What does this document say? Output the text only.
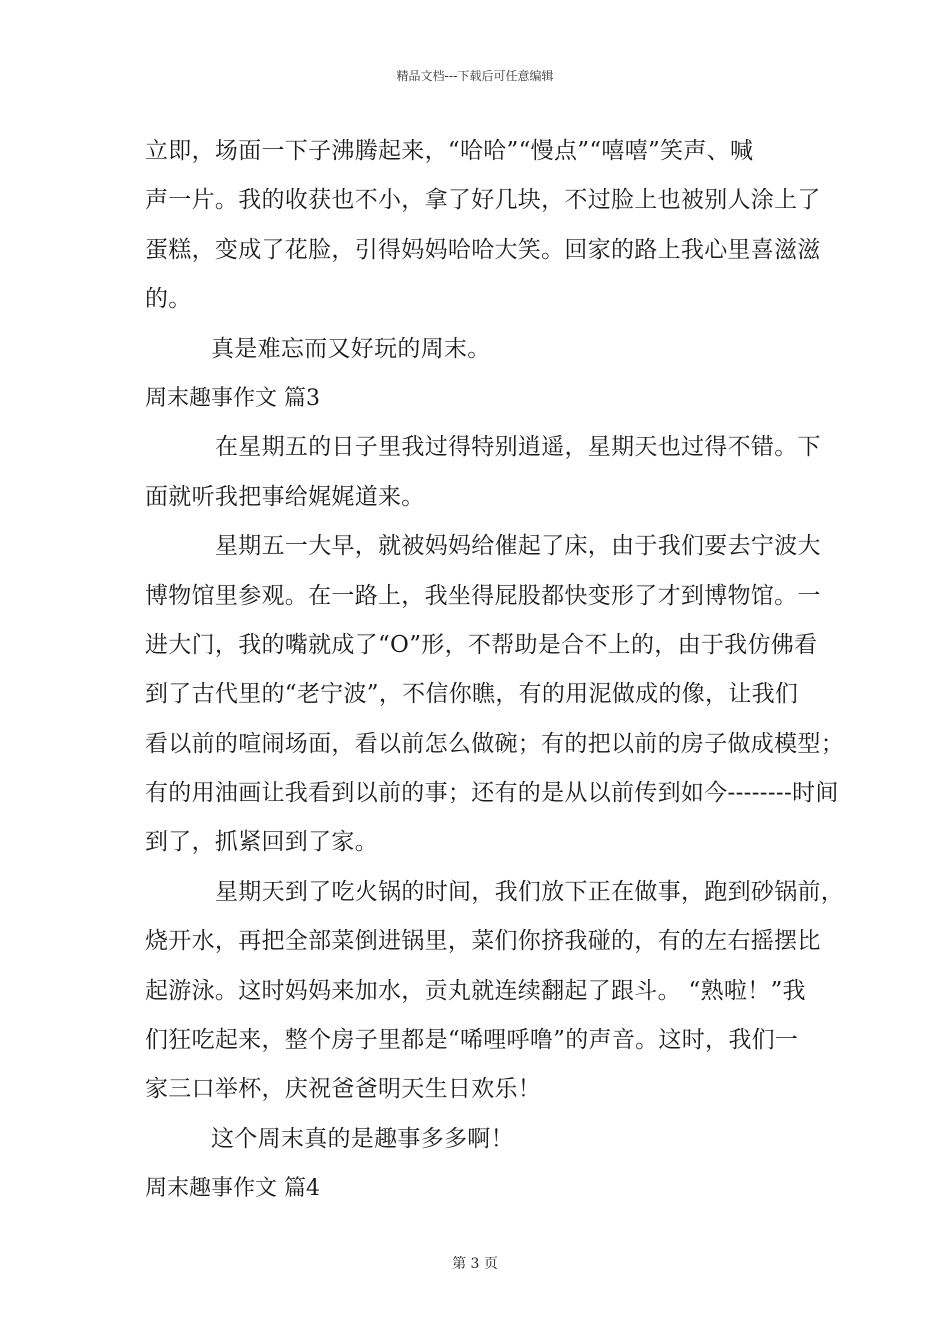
精品文档---下载后可任意编辑
立即，场面一下子沸腾起来，“哈哈”“慢点”“嘻嘻”笑声、喊
声一片。我的收获也不小，拿了好几块，不过脸上也被别人涂上了
蛋糕，变成了花脸，引得妈妈哈哈大笑。回家的路上我心里喜滋滋
的。
真是难忘而又好玩的周末。
周末趣事作文 篇3
在星期五的日子里我过得特别逍遥，星期天也过得不错。下
面就听我把事给娓娓道来。
星期五一大早，就被妈妈给催起了床，由于我们要去宁波大
博物馆里参观。在一路上，我坐得屁股都快变形了才到博物馆。一
进大门，我的嘴就成了“O”形，不帮助是合不上的，由于我仿佛看
到了古代里的“老宁波”，不信你瞧，有的用泥做成的像，让我们
看以前的喧闹场面，看以前怎么做碗；有的把以前的房子做成模型；
有的用油画让我看到以前的事；还有的是从以前传到如今--------时间
到了，抓紧回到了家。
星期天到了吃火锅的时间，我们放下正在做事，跑到砂锅前，
烧开水，再把全部菜倒进锅里，菜们你挤我碰的，有的左右摇摆比
起游泳。这时妈妈来加水，贡丸就连续翻起了跟斗。 “熟啦！”我
们狂吃起来，整个房子里都是“唏哩呼噜”的声音。这时，我们一
家三口举杯，庆祝爸爸明天生日欢乐！
这个周末真的是趣事多多啊！
周末趣事作文 篇4
第 3 页
